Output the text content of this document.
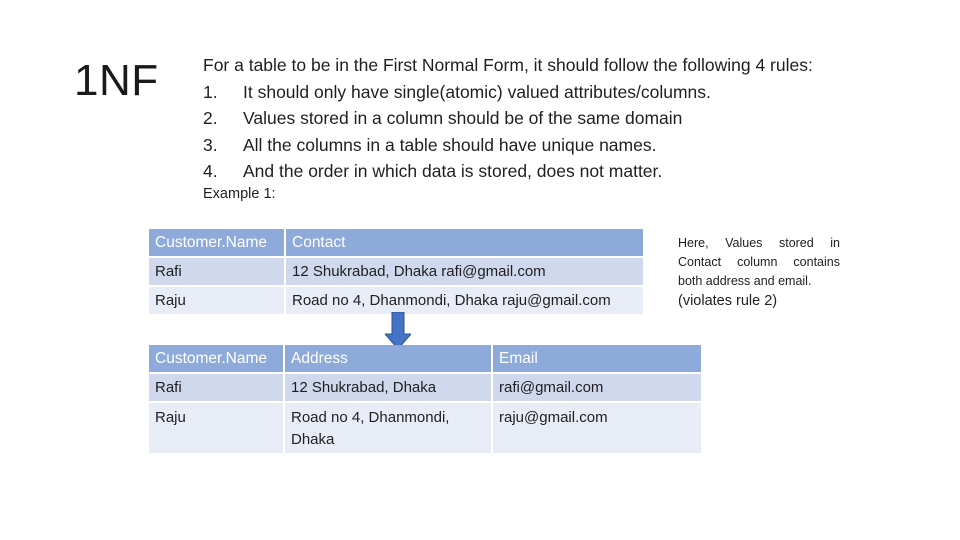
1NF	For a table to be in the First Normal Form, it should follow the following 4 rules:
1.	It should only have single(atomic) valued attributes/columns.
2.	Values stored in a column should be of the same domain
3.	All the columns in a table should have unique names.
4.	And the order in which data is stored, does not matter.
Example 1:
Customer.Name	Contact
Rafi	12 Shukrabad, Dhaka rafi@gmail.com
Raju	Road no 4, Dhanmondi, Dhaka raju@gmail.com
Here, Values stored in Contact column contains both address and email.
(violates rule 2)
Customer.Name	Address	Email
Rafi	12 Shukrabad, Dhaka	rafi@gmail.com
Raju	Road no 4, Dhanmondi, Dhaka	raju@gmail.com
